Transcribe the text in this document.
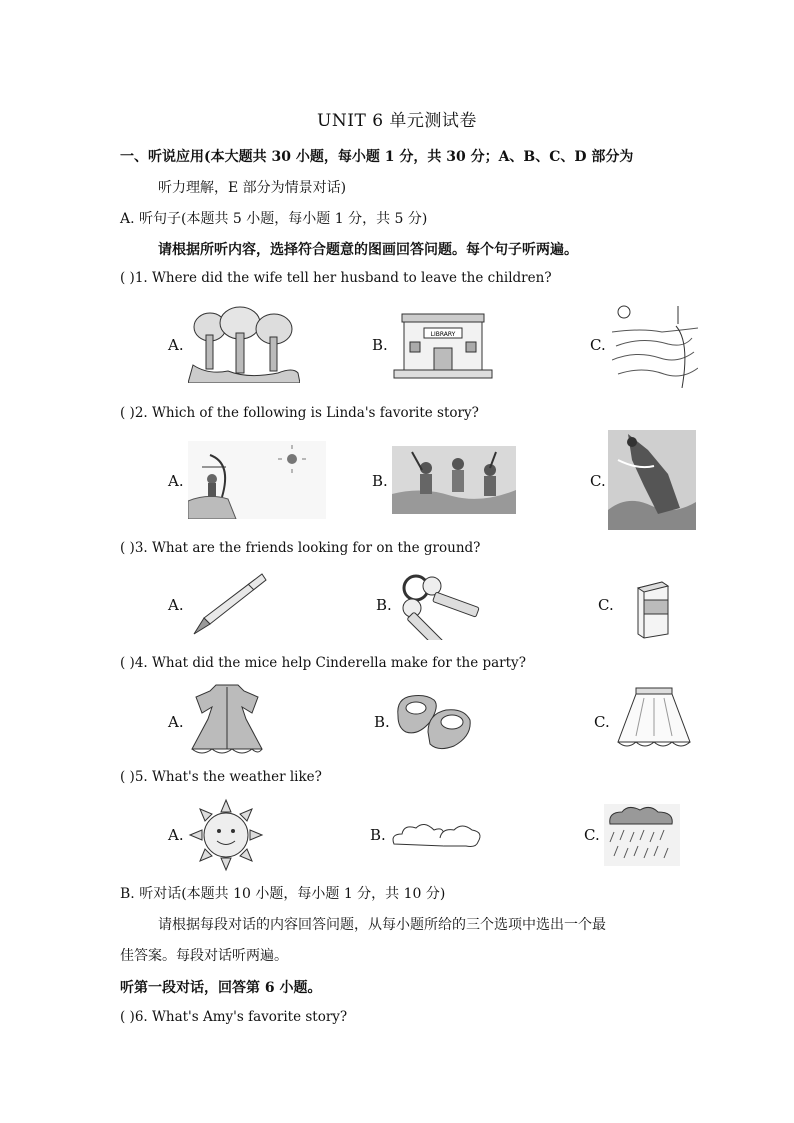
UNIT 6 单元测试卷
一、听说应用(本大题共 30 小题，每小题 1 分，共 30 分；A、B、C、D 部分为
听力理解，E 部分为情景对话)
A. 听句子(本题共 5 小题，每小题 1 分，共 5 分)
请根据所听内容，选择符合题意的图画回答问题。每个句子听两遍。
( )1. Where did the wife tell her husband to leave the children?
A.	B.
LIBRARY
C.
( )2. Which of the following is Linda's favorite story?
A.	B.	C.
( )3. What are the friends looking for on the ground?
A.	B.	C.
( )4. What did the mice help Cinderella make for the party?
A.	B.	C.
( )5. What's the weather like?
A.	B.	C.
B. 听对话(本题共 10 小题，每小题 1 分，共 10 分)
请根据每段对话的内容回答问题，从每小题所给的三个选项中选出一个最
佳答案。每段对话听两遍。
听第一段对话，回答第 6 小题。
( )6. What's Amy's favorite story?
